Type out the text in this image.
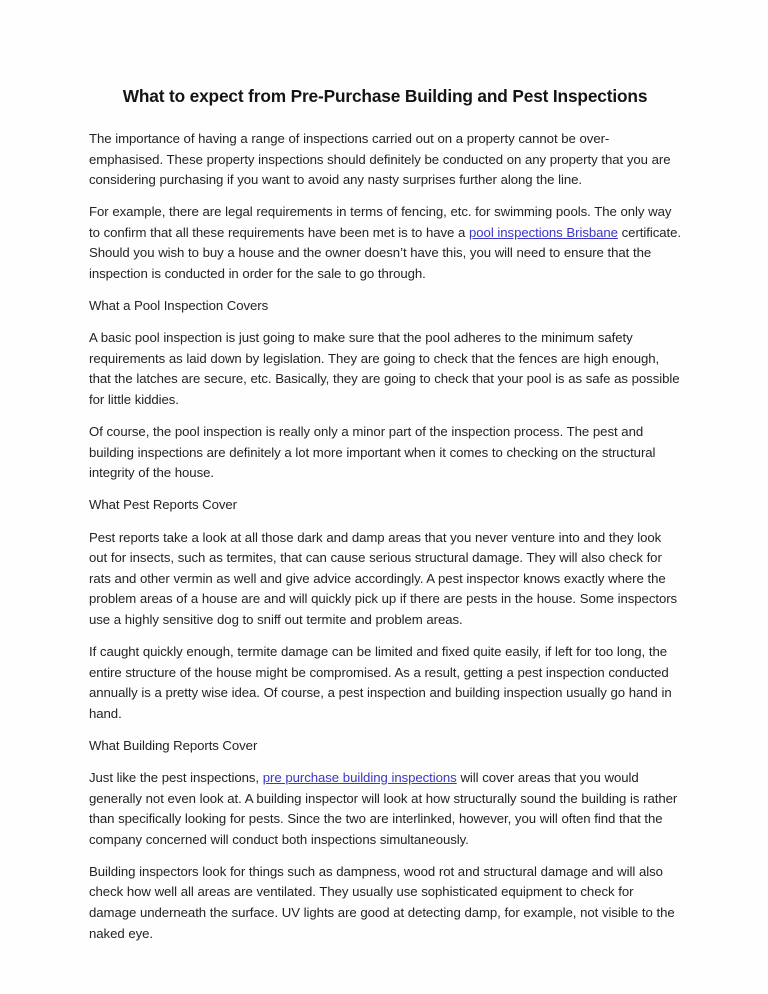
What to expect from Pre-Purchase Building and Pest Inspections

The importance of having a range of inspections carried out on a property cannot be over-emphasised. These property inspections should definitely be conducted on any property that you are considering purchasing if you want to avoid any nasty surprises further along the line.

For example, there are legal requirements in terms of fencing, etc. for swimming pools. The only way to confirm that all these requirements have been met is to have a pool inspections Brisbane certificate. Should you wish to buy a house and the owner doesn’t have this, you will need to ensure that the inspection is conducted in order for the sale to go through.

What a Pool Inspection Covers

A basic pool inspection is just going to make sure that the pool adheres to the minimum safety requirements as laid down by legislation. They are going to check that the fences are high enough, that the latches are secure, etc. Basically, they are going to check that your pool is as safe as possible for little kiddies.

Of course, the pool inspection is really only a minor part of the inspection process. The pest and building inspections are definitely a lot more important when it comes to checking on the structural integrity of the house.

What Pest Reports Cover

Pest reports take a look at all those dark and damp areas that you never venture into and they look out for insects, such as termites, that can cause serious structural damage. They will also check for rats and other vermin as well and give advice accordingly. A pest inspector knows exactly where the problem areas of a house are and will quickly pick up if there are pests in the house. Some inspectors use a highly sensitive dog to sniff out termite and problem areas.

If caught quickly enough, termite damage can be limited and fixed quite easily, if left for too long, the entire structure of the house might be compromised. As a result, getting a pest inspection conducted annually is a pretty wise idea. Of course, a pest inspection and building inspection usually go hand in hand.

What Building Reports Cover

Just like the pest inspections, pre purchase building inspections will cover areas that you would generally not even look at. A building inspector will look at how structurally sound the building is rather than specifically looking for pests. Since the two are interlinked, however, you will often find that the company concerned will conduct both inspections simultaneously.

Building inspectors look for things such as dampness, wood rot and structural damage and will also check how well all areas are ventilated. They usually use sophisticated equipment to check for damage underneath the surface. UV lights are good at detecting damp, for example, not visible to the naked eye.
